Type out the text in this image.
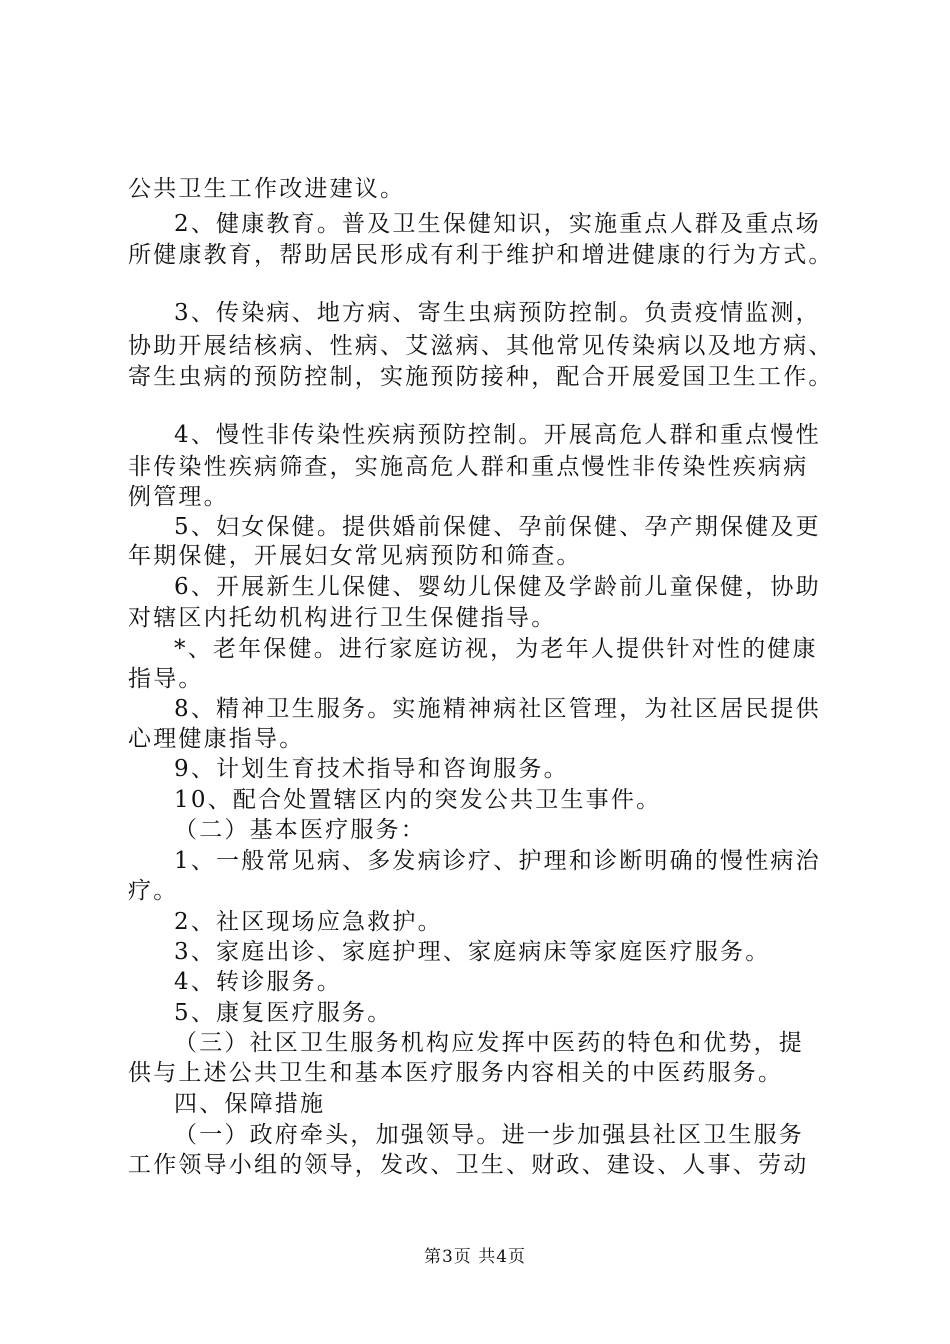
公共卫生工作改进建议。
2、健康教育。普及卫生保健知识，实施重点人群及重点场
所健康教育，帮助居民形成有利于维护和增进健康的行为方式。
3、传染病、地方病、寄生虫病预防控制。负责疫情监测，
协助开展结核病、性病、艾滋病、其他常见传染病以及地方病、
寄生虫病的预防控制，实施预防接种，配合开展爱国卫生工作。
4、慢性非传染性疾病预防控制。开展高危人群和重点慢性
非传染性疾病筛查，实施高危人群和重点慢性非传染性疾病病
例管理。
5、妇女保健。提供婚前保健、孕前保健、孕产期保健及更
年期保健，开展妇女常见病预防和筛查。
6、开展新生儿保健、婴幼儿保健及学龄前儿童保健，协助
对辖区内托幼机构进行卫生保健指导。
*、老年保健。进行家庭访视，为老年人提供针对性的健康
指导。
8、精神卫生服务。实施精神病社区管理，为社区居民提供
心理健康指导。
9、计划生育技术指导和咨询服务。
10、配合处置辖区内的突发公共卫生事件。
（二）基本医疗服务：
1、一般常见病、多发病诊疗、护理和诊断明确的慢性病治
疗。
2、社区现场应急救护。
3、家庭出诊、家庭护理、家庭病床等家庭医疗服务。
4、转诊服务。
5、康复医疗服务。
（三）社区卫生服务机构应发挥中医药的特色和优势，提
供与上述公共卫生和基本医疗服务内容相关的中医药服务。
四、保障措施
（一）政府牵头，加强领导。进一步加强县社区卫生服务
工作领导小组的领导，发改、卫生、财政、建设、人事、劳动
第3页 共4页
